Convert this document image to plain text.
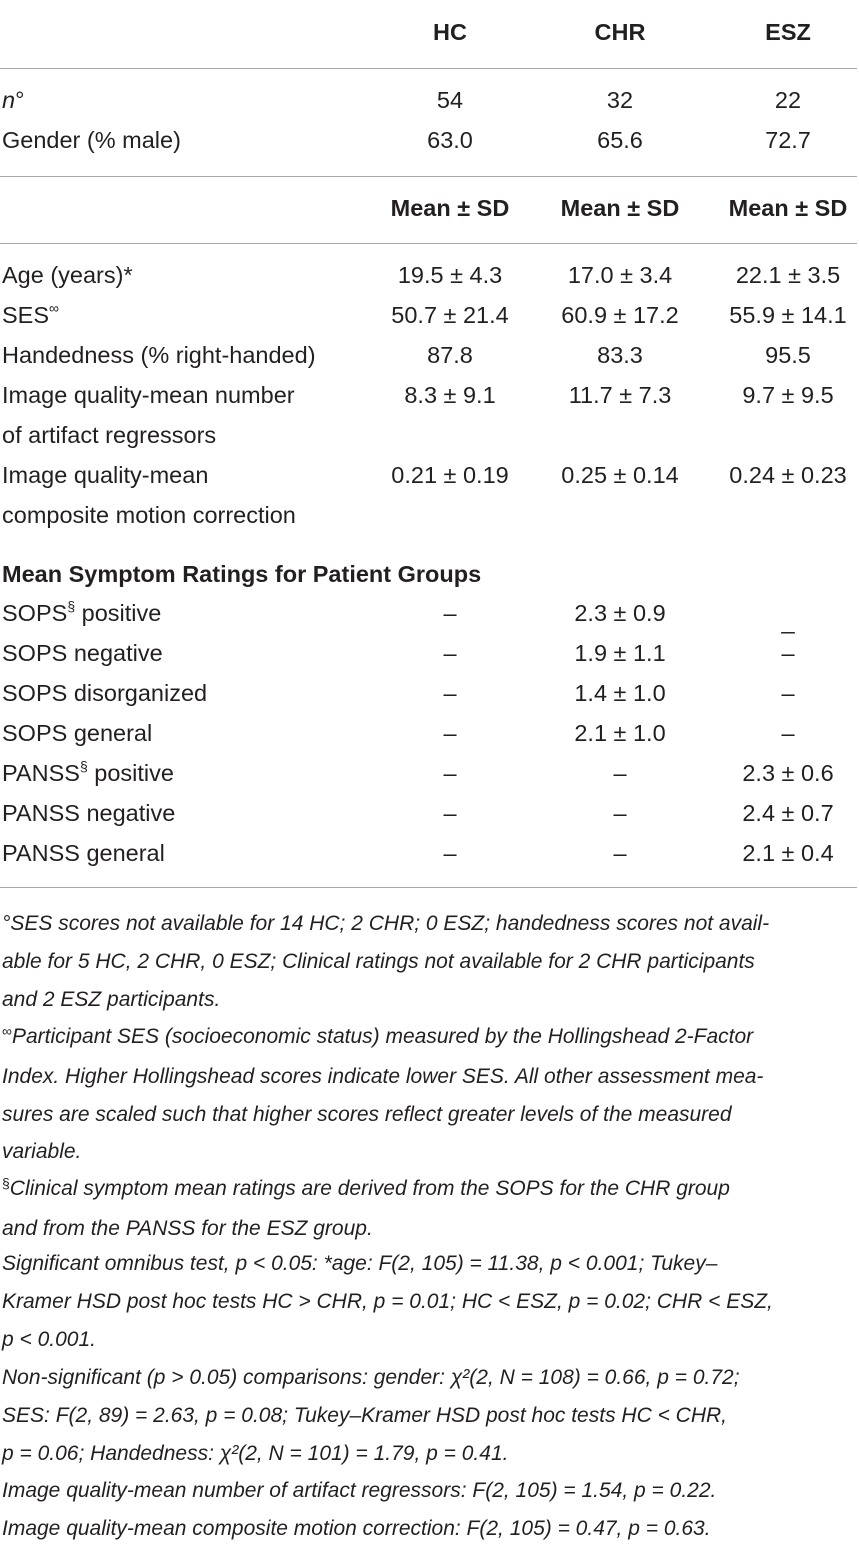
HC	CHR	ESZ
n°	54	32	22
Gender (% male)	63.0	65.6	72.7
Mean ± SD	Mean ± SD	Mean ± SD
Age (years)*	19.5 ± 4.3	17.0 ± 3.4	22.1 ± 3.5
SES∞	50.7 ± 21.4	60.9 ± 17.2	55.9 ± 14.1
Handedness (% right-handed)	87.8	83.3	95.5
Image quality-mean number	8.3 ± 9.1	11.7 ± 7.3	9.7 ± 9.5
of artifact regressors
Image quality-mean	0.21 ± 0.19	0.25 ± 0.14	0.24 ± 0.23
composite motion correction
Mean Symptom Ratings for Patient Groups
SOPS§ positive	–	2.3 ± 0.9	_
SOPS negative	–	1.9 ± 1.1	–
SOPS disorganized	–	1.4 ± 1.0	–
SOPS general	–	2.1 ± 1.0	–
PANSS§ positive	–	–	2.3 ± 0.6
PANSS negative	–	–	2.4 ± 0.7
PANSS general	–	–	2.1 ± 0.4
°SES scores not available for 14 HC; 2 CHR; 0 ESZ; handedness scores not avail-
able for 5 HC, 2 CHR, 0 ESZ; Clinical ratings not available for 2 CHR participants
and 2 ESZ participants.
∞Participant SES (socioeconomic status) measured by the Hollingshead 2-Factor
Index. Higher Hollingshead scores indicate lower SES. All other assessment mea-
sures are scaled such that higher scores reflect greater levels of the measured
variable.
§Clinical symptom mean ratings are derived from the SOPS for the CHR group
and from the PANSS for the ESZ group.
Significant omnibus test, p < 0.05: *age: F(2, 105) = 11.38, p < 0.001; Tukey–
Kramer HSD post hoc tests HC > CHR, p = 0.01; HC < ESZ, p = 0.02; CHR < ESZ,
p < 0.001.
Non-significant (p > 0.05) comparisons: gender: χ²(2, N = 108) = 0.66, p = 0.72;
SES: F(2, 89) = 2.63, p = 0.08; Tukey–Kramer HSD post hoc tests HC < CHR,
p = 0.06; Handedness: χ²(2, N = 101) = 1.79, p = 0.41.
Image quality-mean number of artifact regressors: F(2, 105) = 1.54, p = 0.22.
Image quality-mean composite motion correction: F(2, 105) = 0.47, p = 0.63.
